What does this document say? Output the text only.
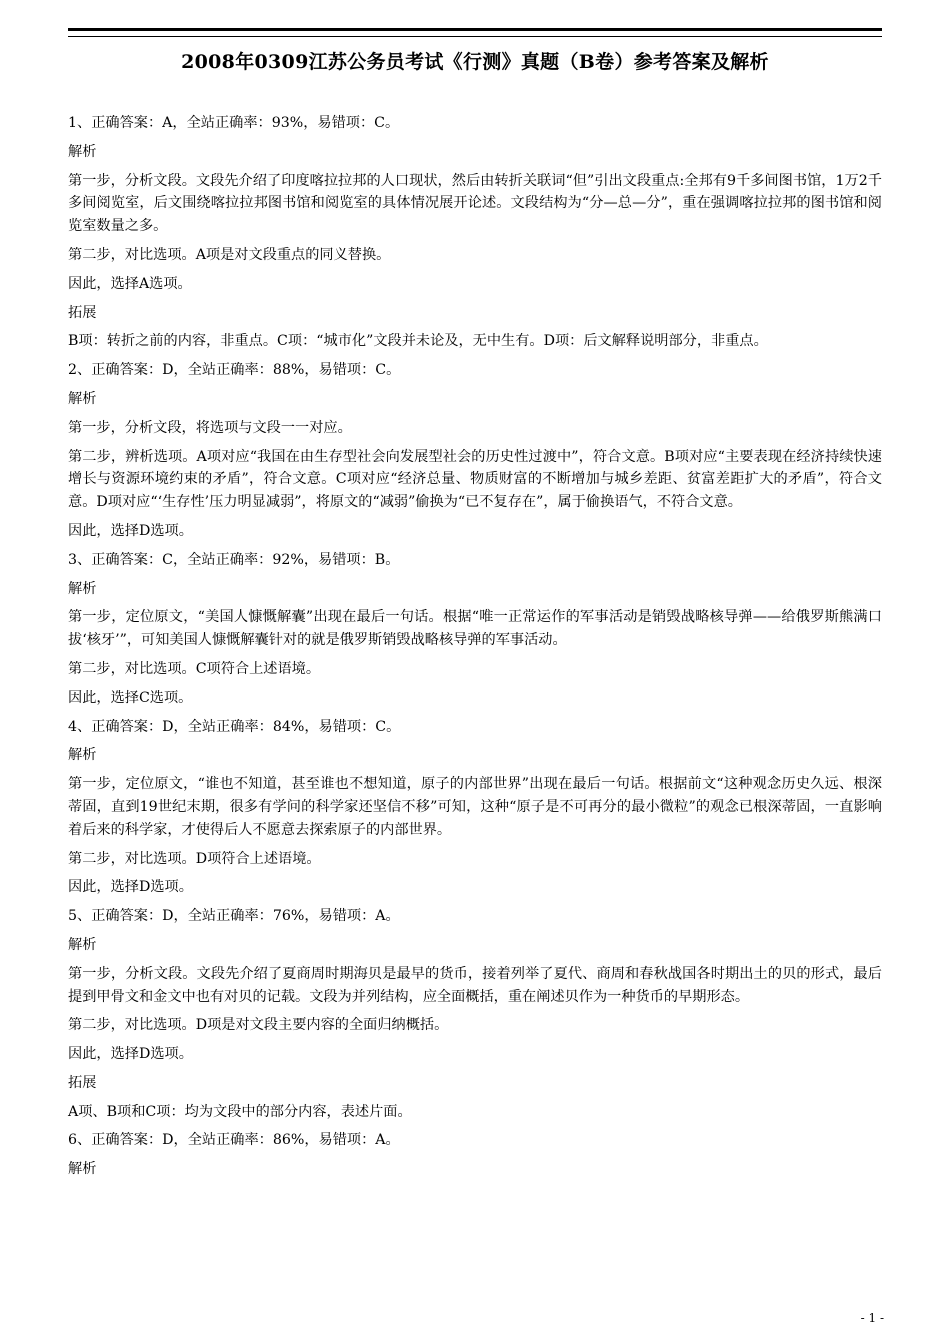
2008年0309江苏公务员考试《行测》真题（B卷）参考答案及解析

1、正确答案：A，全站正确率：93%，易错项：C。

解析

第一步，分析文段。文段先介绍了印度喀拉拉邦的人口现状，然后由转折关联词“但”引出文段重点:全邦有9千多间图书馆，1万2千多间阅览室，后文围绕喀拉拉邦图书馆和阅览室的具体情况展开论述。文段结构为“分—总—分”，重在强调喀拉拉邦的图书馆和阅览室数量之多。

第二步，对比选项。A项是对文段重点的同义替换。

因此，选择A选项。

拓展

B项：转折之前的内容，非重点。C项：“城市化”文段并未论及，无中生有。D项：后文解释说明部分，非重点。

2、正确答案：D，全站正确率：88%，易错项：C。

解析

第一步，分析文段，将选项与文段一一对应。

第二步，辨析选项。A项对应“我国在由生存型社会向发展型社会的历史性过渡中”，符合文意。B项对应“主要表现在经济持续快速增长与资源环境约束的矛盾”，符合文意。C项对应“经济总量、物质财富的不断增加与城乡差距、贫富差距扩大的矛盾”，符合文意。D项对应“‘生存性’压力明显减弱”，将原文的“减弱”偷换为“已不复存在”，属于偷换语气，不符合文意。

因此，选择D选项。

3、正确答案：C，全站正确率：92%，易错项：B。

解析

第一步，定位原文，“美国人慷慨解囊”出现在最后一句话。根据“唯一正常运作的军事活动是销毁战略核导弹——给俄罗斯熊满口拔‘核牙’”，可知美国人慷慨解囊针对的就是俄罗斯销毁战略核导弹的军事活动。

第二步，对比选项。C项符合上述语境。

因此，选择C选项。

4、正确答案：D，全站正确率：84%，易错项：C。

解析

第一步，定位原文，“谁也不知道，甚至谁也不想知道，原子的内部世界”出现在最后一句话。根据前文“这种观念历史久远、根深蒂固，直到19世纪末期，很多有学问的科学家还坚信不移”可知，这种“原子是不可再分的最小微粒”的观念已根深蒂固，一直影响着后来的科学家，才使得后人不愿意去探索原子的内部世界。

第二步，对比选项。D项符合上述语境。

因此，选择D选项。

5、正确答案：D，全站正确率：76%，易错项：A。

解析

第一步，分析文段。文段先介绍了夏商周时期海贝是最早的货币，接着列举了夏代、商周和春秋战国各时期出土的贝的形式，最后提到甲骨文和金文中也有对贝的记载。文段为并列结构，应全面概括，重在阐述贝作为一种货币的早期形态。

第二步，对比选项。D项是对文段主要内容的全面归纳概括。

因此，选择D选项。

拓展

A项、B项和C项：均为文段中的部分内容，表述片面。

6、正确答案：D，全站正确率：86%，易错项：A。

解析

- 1 -
